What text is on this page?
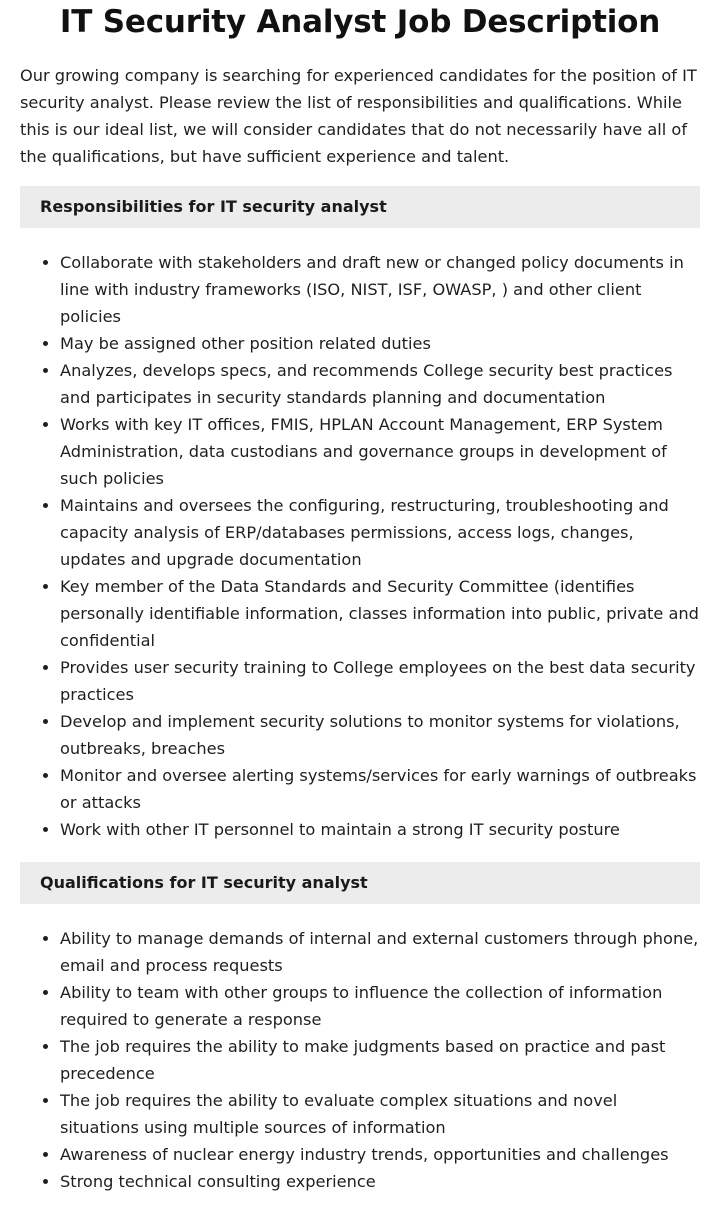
IT Security Analyst Job Description

Our growing company is searching for experienced candidates for the position of IT security analyst. Please review the list of responsibilities and qualifications. While this is our ideal list, we will consider candidates that do not necessarily have all of the qualifications, but have sufficient experience and talent.

Responsibilities for IT security analyst
• Collaborate with stakeholders and draft new or changed policy documents in line with industry frameworks (ISO, NIST, ISF, OWASP, ) and other client policies
• May be assigned other position related duties
• Analyzes, develops specs, and recommends College security best practices and participates in security standards planning and documentation
• Works with key IT offices, FMIS, HPLAN Account Management, ERP System Administration, data custodians and governance groups in development of such policies
• Maintains and oversees the configuring, restructuring, troubleshooting and capacity analysis of ERP/databases permissions, access logs, changes, updates and upgrade documentation
• Key member of the Data Standards and Security Committee (identifies personally identifiable information, classes information into public, private and confidential
• Provides user security training to College employees on the best data security practices
• Develop and implement security solutions to monitor systems for violations, outbreaks, breaches
• Monitor and oversee alerting systems/services for early warnings of outbreaks or attacks
• Work with other IT personnel to maintain a strong IT security posture
Qualifications for IT security analyst
• Ability to manage demands of internal and external customers through phone, email and process requests
• Ability to team with other groups to influence the collection of information required to generate a response
• The job requires the ability to make judgments based on practice and past precedence
• The job requires the ability to evaluate complex situations and novel situations using multiple sources of information
• Awareness of nuclear energy industry trends, opportunities and challenges
• Strong technical consulting experience
